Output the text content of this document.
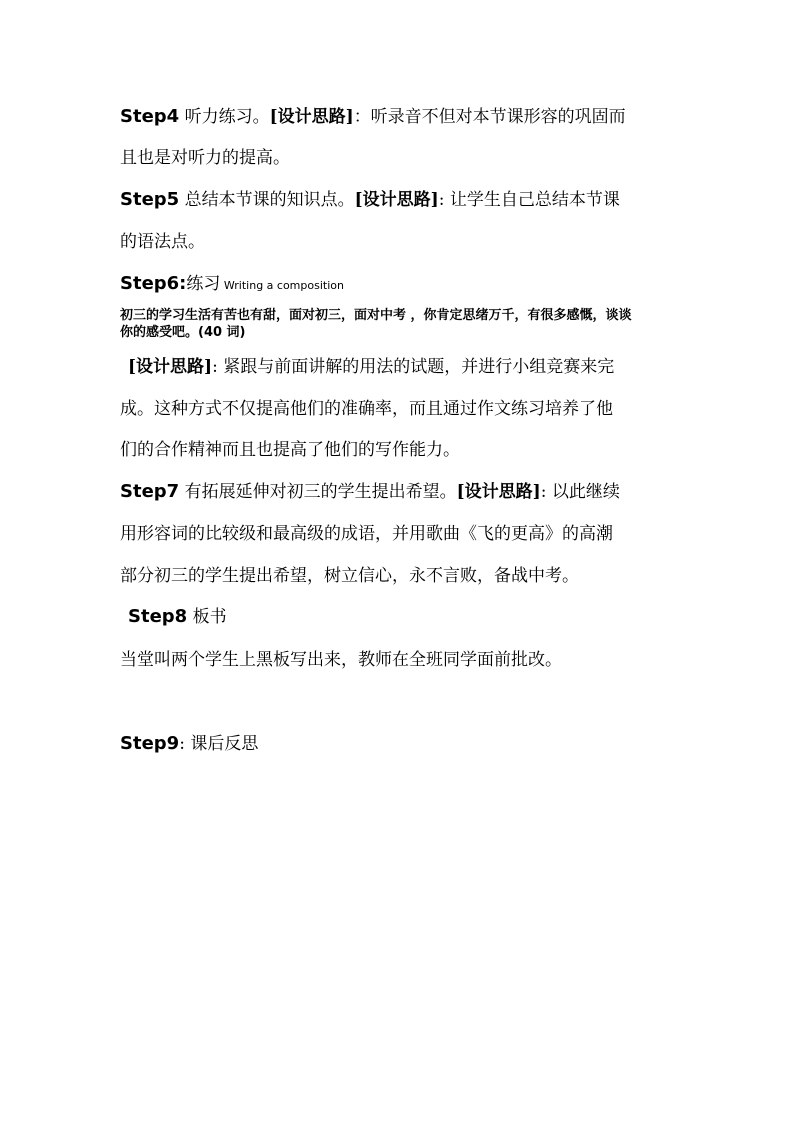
Step4 听力练习。[设计思路]：听录音不但对本节课形容的巩固而
且也是对听力的提高。
Step5 总结本节课的知识点。[设计思路]: 让学生自己总结本节课
的语法点。
Step6:练习 Writing a composition
初三的学习生活有苦也有甜，面对初三，面对中考 ，你肯定思绪万千，有很多感慨，谈谈
你的感受吧。(40 词)
[设计思路]: 紧跟与前面讲解的用法的试题，并进行小组竞赛来完
成。这种方式不仅提高他们的准确率，而且通过作文练习培养了他
们的合作精神而且也提高了他们的写作能力。
Step7 有拓展延伸对初三的学生提出希望。[设计思路]: 以此继续
用形容词的比较级和最高级的成语，并用歌曲《飞的更高》的高潮
部分初三的学生提出希望，树立信心，永不言败，备战中考。
Step8 板书
当堂叫两个学生上黑板写出来，教师在全班同学面前批改。
Step9: 课后反思
